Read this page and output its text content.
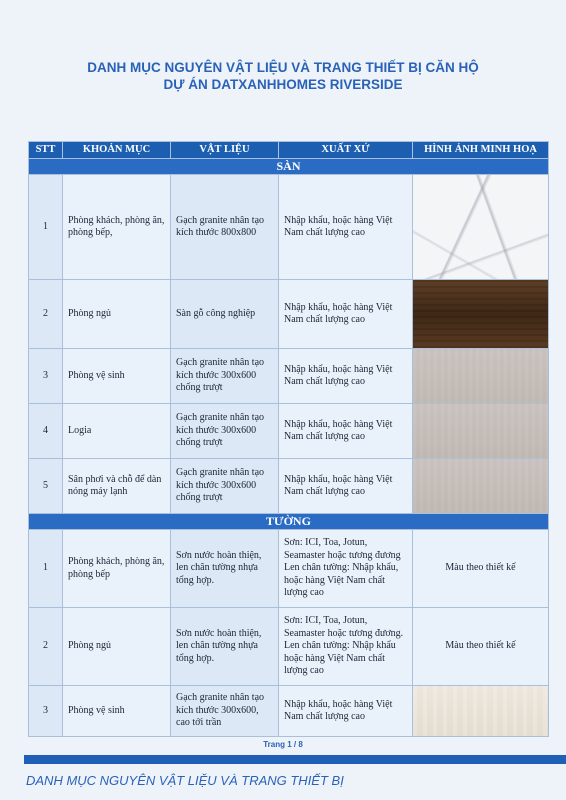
DANH MỤC NGUYÊN VẬT LIỆU VÀ TRANG THIẾT BỊ CĂN HỘ
DỰ ÁN DATXANHHOMES RIVERSIDE
STT	KHOẢN MỤC	VẬT LIỆU	XUẤT XỨ	HÌNH ẢNH MINH HOẠ
SÀN				
1	Phòng khách, phòng ăn, phòng bếp,	Gạch granite nhân tạo kích thước 800x800	Nhập khẩu, hoặc hàng Việt Nam chất lượng cao	

2	Phòng ngủ	Sàn gỗ công nghiệp	Nhập khẩu, hoặc hàng Việt Nam chất lượng cao	

3	Phòng vệ sinh	Gạch granite nhân tạo kích thước 300x600 chống trượt	Nhập khẩu, hoặc hàng Việt Nam chất lượng cao	

4	Logia	Gạch granite nhân tạo kích thước 300x600 chống trượt	Nhập khẩu, hoặc hàng Việt Nam chất lượng cao	

5	Sân phơi và chỗ để dàn nóng máy lạnh	Gạch granite nhân tạo kích thước 300x600 chống trượt	Nhập khẩu, hoặc hàng Việt Nam chất lượng cao	

TƯỜNG				
1	Phòng khách, phòng ăn, phòng bếp	Sơn nước hoàn thiện, len chân tường nhựa tổng hợp.	Sơn: ICI, Toa, Jotun, Seamaster hoặc tương đương
Len chân tường: Nhập khẩu, hoặc hàng Việt Nam chất lượng cao	Màu theo thiết kế
2	Phòng ngủ	Sơn nước hoàn thiện, len chân tường nhựa tổng hợp.	Sơn: ICI, Toa, Jotun, Seamaster hoặc tương đương.
Len chân tường: Nhập khẩu hoặc hàng Việt Nam chất lượng cao	Màu theo thiết kế
3	Phòng vệ sinh	Gạch granite nhân tạo kích thước 300x600, cao tới trần	Nhập khẩu, hoặc hàng Việt Nam chất lượng cao	
Trang 1 / 8
DANH MỤC NGUYÊN VẬT LIỆU VÀ TRANG THIẾT BỊ
